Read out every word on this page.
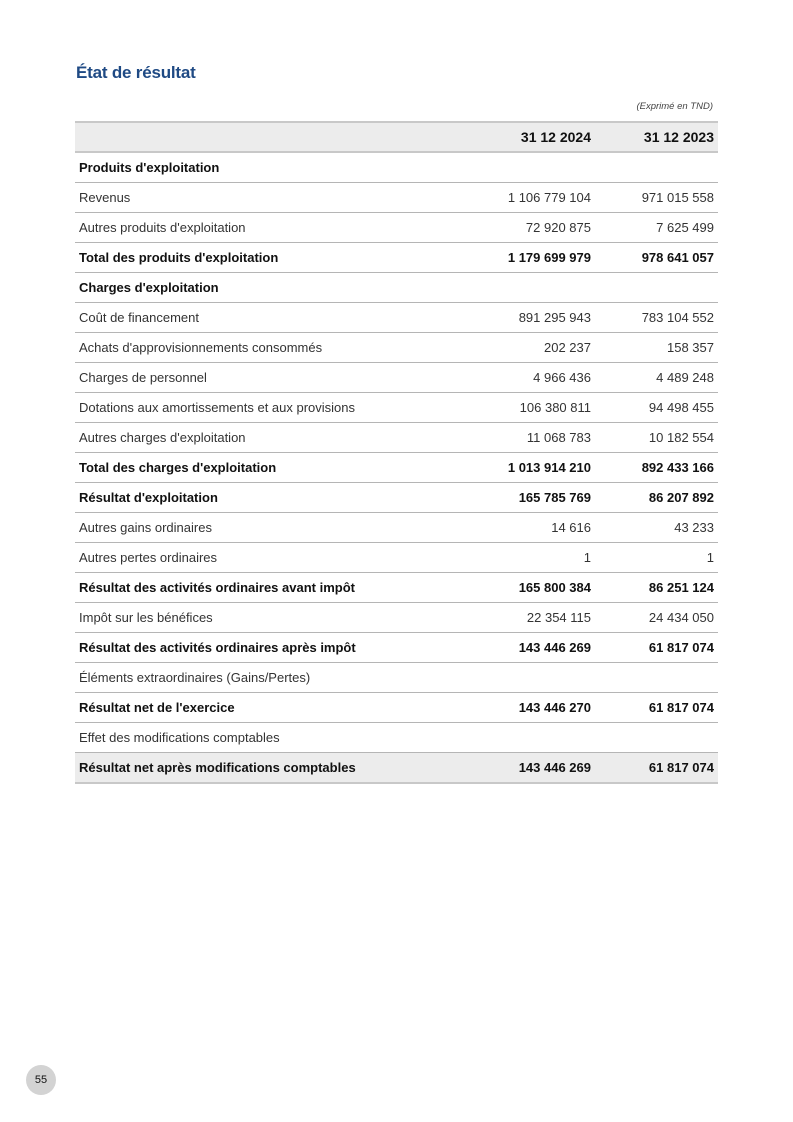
État de résultat
(Exprimé en TND)
	31 12 2024	31 12 2023
Produits d'exploitation		
Revenus	1 106 779 104	971 015 558
Autres produits d'exploitation	72 920 875	7 625 499
Total des produits d'exploitation	1 179 699 979	978 641 057
Charges d'exploitation		
Coût de financement	891 295 943	783 104 552
Achats d'approvisionnements consommés	202 237	158 357
Charges de personnel	4 966 436	4 489 248
Dotations aux amortissements et aux provisions	106 380 811	94 498 455
Autres charges d'exploitation	11 068 783	10 182 554
Total des charges d'exploitation	1 013 914 210	892 433 166
Résultat d'exploitation	165 785 769	86 207 892
Autres gains ordinaires	14 616	43 233
Autres pertes ordinaires	1	1
Résultat des activités ordinaires avant impôt	165 800 384	86 251 124
Impôt sur les bénéfices	22 354 115	24 434 050
Résultat des activités ordinaires après impôt	143 446 269	61 817 074
Éléments extraordinaires (Gains/Pertes)		
Résultat net de l'exercice	143 446 270	61 817 074
Effet des modifications comptables		
Résultat net après modifications comptables	143 446 269	61 817 074
55
